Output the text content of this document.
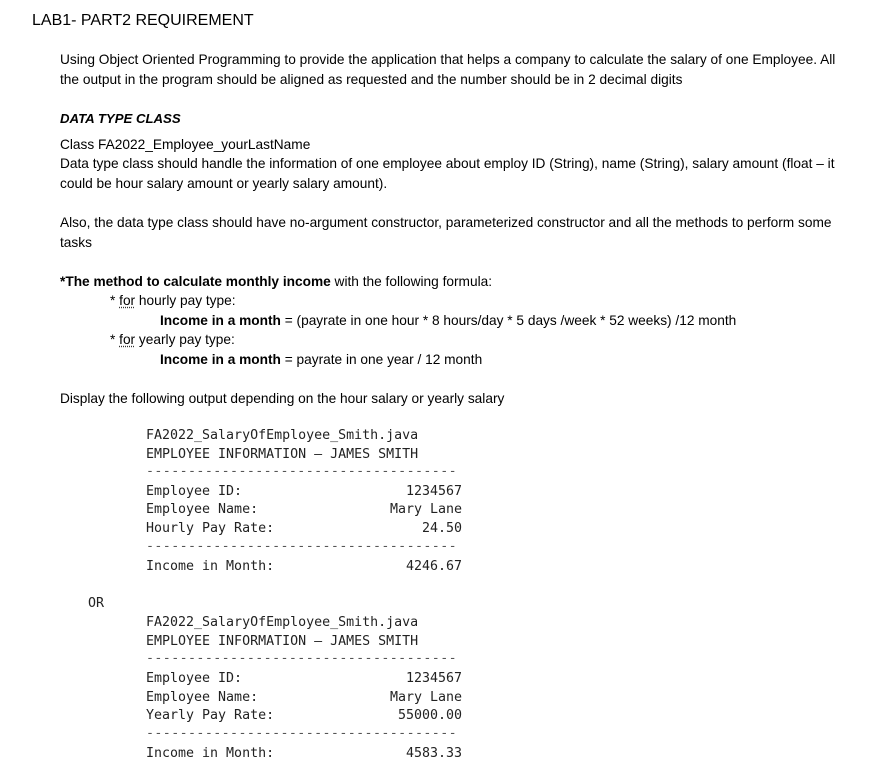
LAB1- PART2 REQUIREMENT
Using Object Oriented Programming to provide the application that helps a company to calculate the salary of one Employee. All the output in the program should be aligned as requested and the number should be in 2 decimal digits
DATA TYPE CLASS
Class FA2022_Employee_yourLastName
Data type class should handle the information of one employee about employ ID (String), name (String), salary amount (float – it could be hour salary amount or yearly salary amount).
Also, the data type class should have no-argument constructor, parameterized constructor and all the methods to perform some tasks
*The method to calculate monthly income with the following formula:
* for hourly pay type:
Income in a month = (payrate in one hour * 8 hours/day * 5 days /week * 52 weeks) /12 month
* for yearly pay type:
Income in a month = payrate in one year / 12 month
Display the following output depending on the hour salary or yearly salary
FA2022_SalaryOfEmployee_Smith.java
EMPLOYEE INFORMATION – JAMES SMITH
-------------------------------------
Employee ID:	1234567
Employee Name:	Mary Lane
Hourly Pay Rate:	24.50
-------------------------------------
Income in Month:	4246.67
OR
FA2022_SalaryOfEmployee_Smith.java
EMPLOYEE INFORMATION – JAMES SMITH
-------------------------------------
Employee ID:	1234567
Employee Name:	Mary Lane
Yearly Pay Rate:	55000.00
-------------------------------------
Income in Month:	4583.33
